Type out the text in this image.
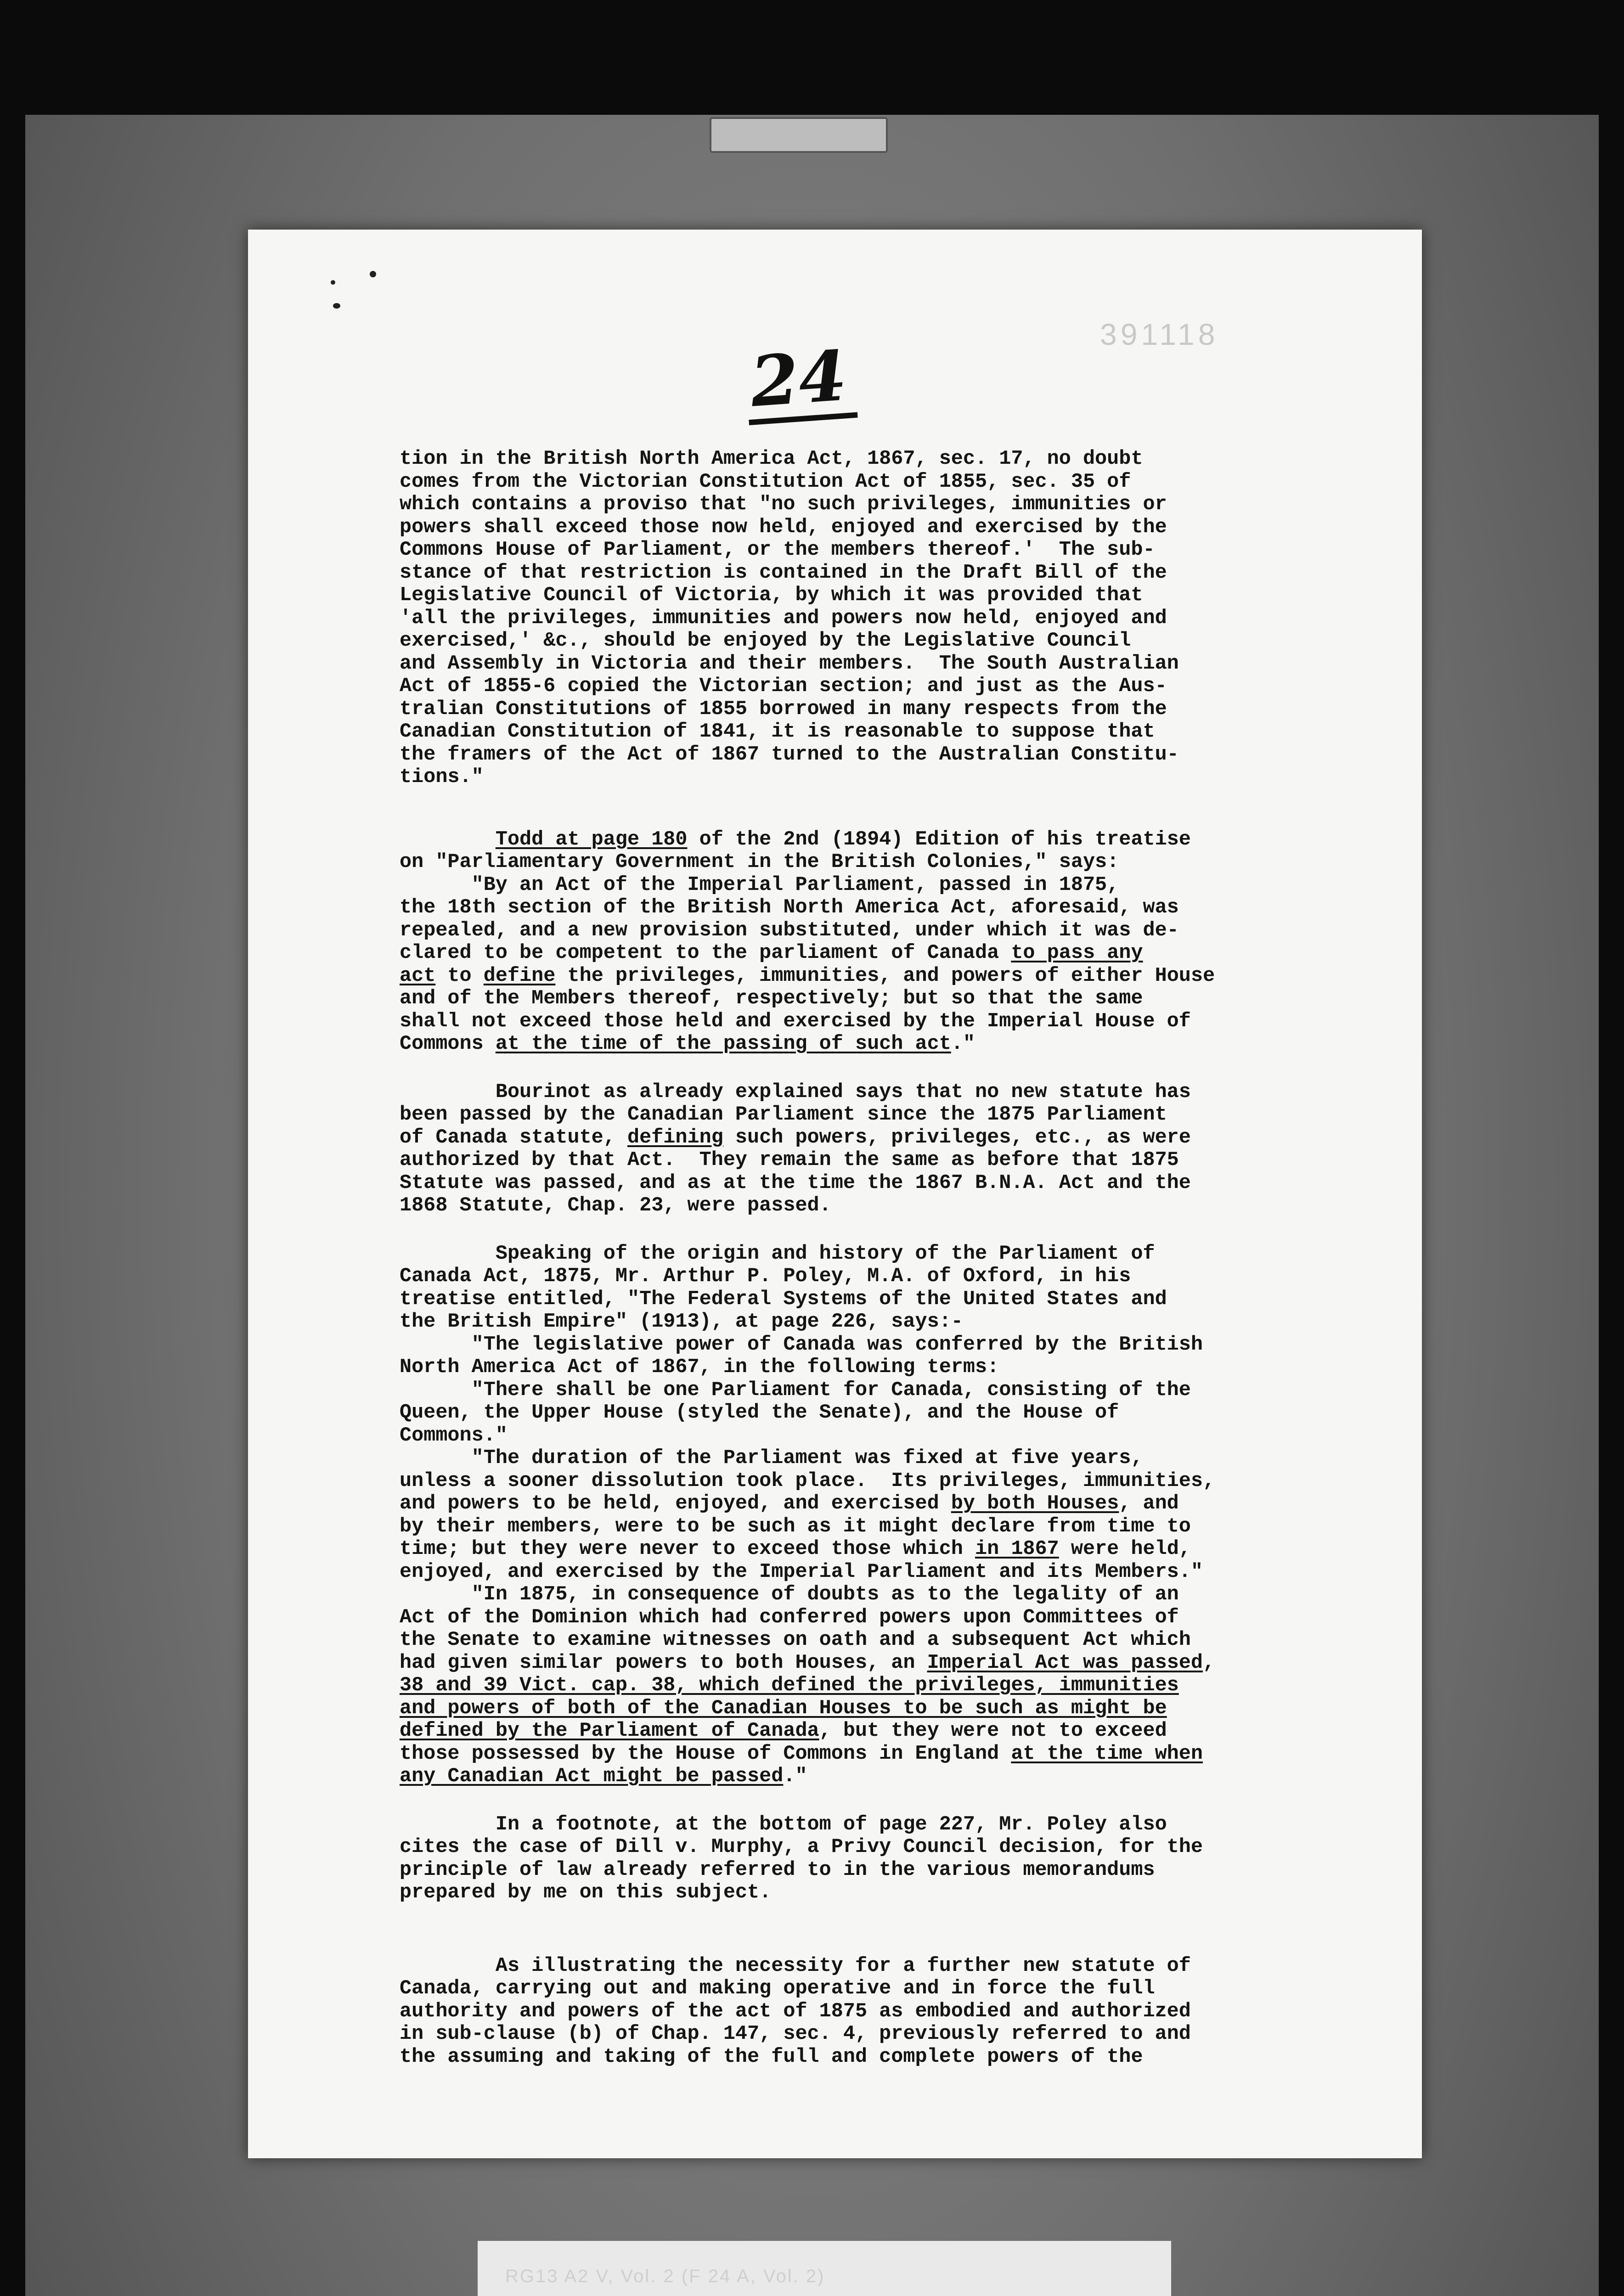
391118
24

tion in the British North America Act, 1867, sec. 17, no doubt

comes from the Victorian Constitution Act of 1855, sec. 35 of

which contains a proviso that "no such privileges, immunities or

powers shall exceed those now held, enjoyed and exercised by the

Commons House of Parliament, or the members thereof.'  The sub-

stance of that restriction is contained in the Draft Bill of the

Legislative Council of Victoria, by which it was provided that

'all the privileges, immunities and powers now held, enjoyed and

exercised,' &c., should be enjoyed by the Legislative Council

and Assembly in Victoria and their members.  The South Australian

Act of 1855-6 copied the Victorian section; and just as the Aus-

tralian Constitutions of 1855 borrowed in many respects from the

Canadian Constitution of 1841, it is reasonable to suppose that

the framers of the Act of 1867 turned to the Australian Constitu-

tions."

Todd at page 180 of the 2nd (1894) Edition of his treatise

on "Parliamentary Government in the British Colonies," says:

"By an Act of the Imperial Parliament, passed in 1875,

the 18th section of the British North America Act, aforesaid, was

repealed, and a new provision substituted, under which it was de-

clared to be competent to the parliament of Canada to pass any

act to define the privileges, immunities, and powers of either House

and of the Members thereof, respectively; but so that the same

shall not exceed those held and exercised by the Imperial House of

Commons at the time of the passing of such act."

Bourinot as already explained says that no new statute has

been passed by the Canadian Parliament since the 1875 Parliament

of Canada statute, defining such powers, privileges, etc., as were

authorized by that Act.  They remain the same as before that 1875

Statute was passed, and as at the time the 1867 B.N.A. Act and the

1868 Statute, Chap. 23, were passed.

Speaking of the origin and history of the Parliament of

Canada Act, 1875, Mr. Arthur P. Poley, M.A. of Oxford, in his

treatise entitled, "The Federal Systems of the United States and

the British Empire" (1913), at page 226, says:-

"The legislative power of Canada was conferred by the British

North America Act of 1867, in the following terms:

"There shall be one Parliament for Canada, consisting of the

Queen, the Upper House (styled the Senate), and the House of

Commons."

"The duration of the Parliament was fixed at five years,

unless a sooner dissolution took place.  Its privileges, immunities,

and powers to be held, enjoyed, and exercised by both Houses, and

by their members, were to be such as it might declare from time to

time; but they were never to exceed those which in 1867 were held,

enjoyed, and exercised by the Imperial Parliament and its Members."

"In 1875, in consequence of doubts as to the legality of an

Act of the Dominion which had conferred powers upon Committees of

the Senate to examine witnesses on oath and a subsequent Act which

had given similar powers to both Houses, an Imperial Act was passed,

38 and 39 Vict. cap. 38, which defined the privileges, immunities

and powers of both of the Canadian Houses to be such as might be

defined by the Parliament of Canada, but they were not to exceed

those possessed by the House of Commons in England at the time when

any Canadian Act might be passed."

In a footnote, at the bottom of page 227, Mr. Poley also

cites the case of Dill v. Murphy, a Privy Council decision, for the

principle of law already referred to in the various memorandums

prepared by me on this subject.

As illustrating the necessity for a further new statute of

Canada, carrying out and making operative and in force the full

authority and powers of the act of 1875 as embodied and authorized

in sub-clause (b) of Chap. 147, sec. 4, previously referred to and

the assuming and taking of the full and complete powers of the

RG13 A2 V, Vol. 2 (F 24 A, Vol. 2)
